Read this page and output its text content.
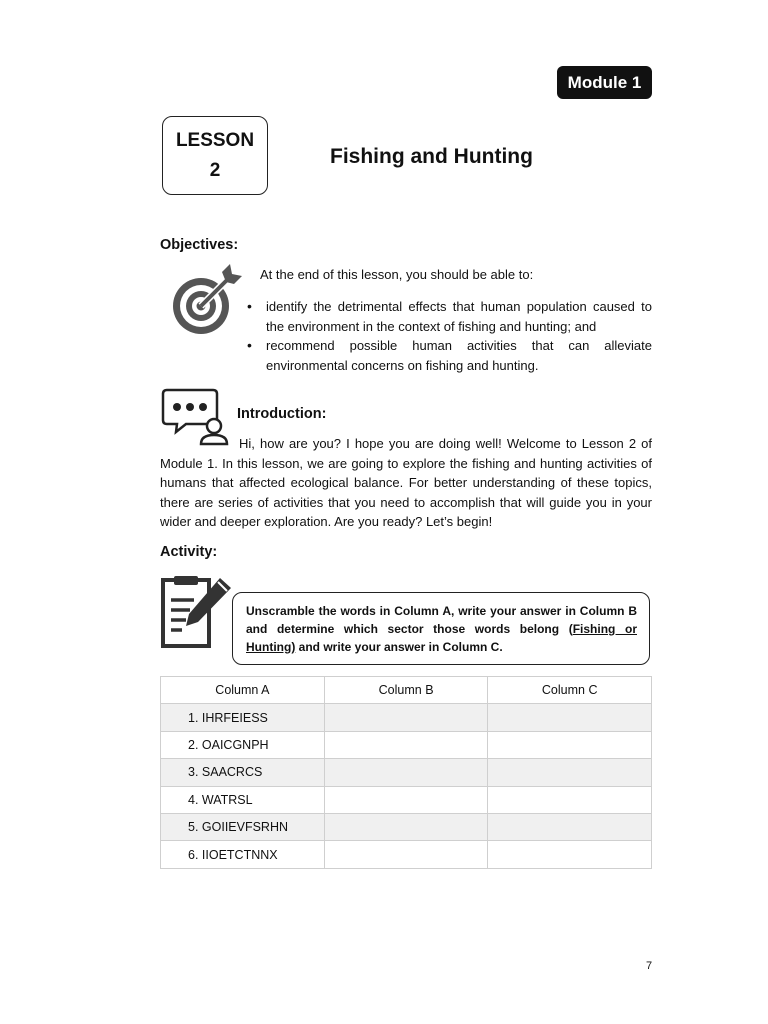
Module 1
LESSON
2
Fishing and Hunting
Objectives:
At the end of this lesson, you should be able to:
• identify the detrimental effects that human population caused to the environment in the context of fishing and hunting; and
• recommend possible human activities that can alleviate environmental concerns on fishing and hunting.
Introduction:

Hi, how are you? I hope you are doing well! Welcome to Lesson 2 of Module 1. In this lesson, we are going to explore the fishing and hunting activities of humans that affected ecological balance. For better understanding of these topics, there are series of activities that you need to accomplish that will guide you in your wider and deeper exploration. Are you ready? Let’s begin!

Activity:
Unscramble the words in Column A, write your answer in Column B and determine which sector those words belong (Fishing or Hunting) and write your answer in Column C.
Column A	Column B	Column C
1. IHRFEIESS		
2. OAICGNPH		
3. SAACRCS		
4. WATRSL		
5. GOIIEVFSRHN		
6. IIOETCTNNX		
7
